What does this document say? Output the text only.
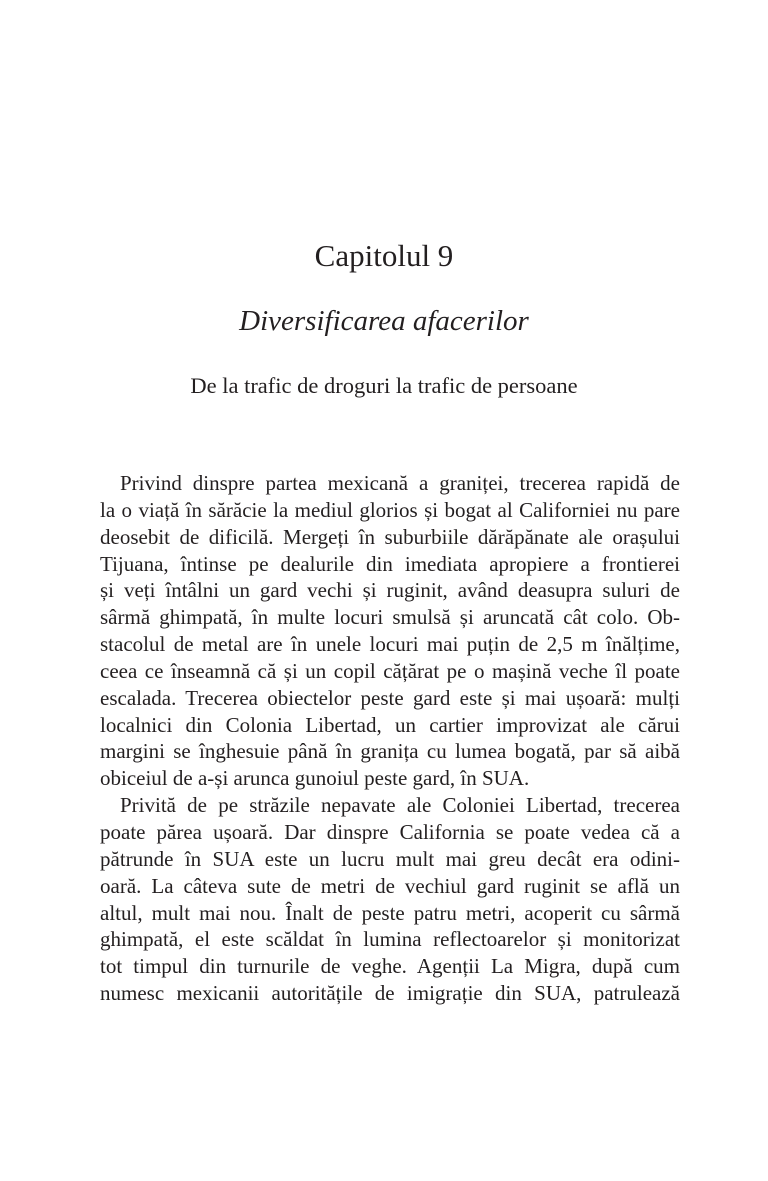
Capitolul 9
Diversificarea afacerilor
De la trafic de droguri la trafic de persoane
Privind dinspre partea mexicană a graniței, trecerea rapidă de
la o viață în sărăcie la mediul glorios și bogat al Californiei nu pare
deosebit de dificilă. Mergeți în suburbiile dărăpănate ale orașului
Tijuana, întinse pe dealurile din imediata apropiere a frontierei
și veți întâlni un gard vechi și ruginit, având deasupra suluri de
sârmă ghimpată, în multe locuri smulsă și aruncată cât colo. Ob-
stacolul de metal are în unele locuri mai puțin de 2,5 m înălțime,
ceea ce înseamnă că și un copil cățărat pe o mașină veche îl poate
escalada. Trecerea obiectelor peste gard este și mai ușoară: mulți
localnici din Colonia Libertad, un cartier improvizat ale cărui
margini se înghesuie până în granița cu lumea bogată, par să aibă
obiceiul de a-și arunca gunoiul peste gard, în SUA.
Privită de pe străzile nepavate ale Coloniei Libertad, trecerea
poate părea ușoară. Dar dinspre California se poate vedea că a
pătrunde în SUA este un lucru mult mai greu decât era odini-
oară. La câteva sute de metri de vechiul gard ruginit se află un
altul, mult mai nou. Înalt de peste patru metri, acoperit cu sârmă
ghimpată, el este scăldat în lumina reflectoarelor și monitorizat
tot timpul din turnurile de veghe. Agenții La Migra, după cum
numesc mexicanii autoritățile de imigrație din SUA, patrulează
